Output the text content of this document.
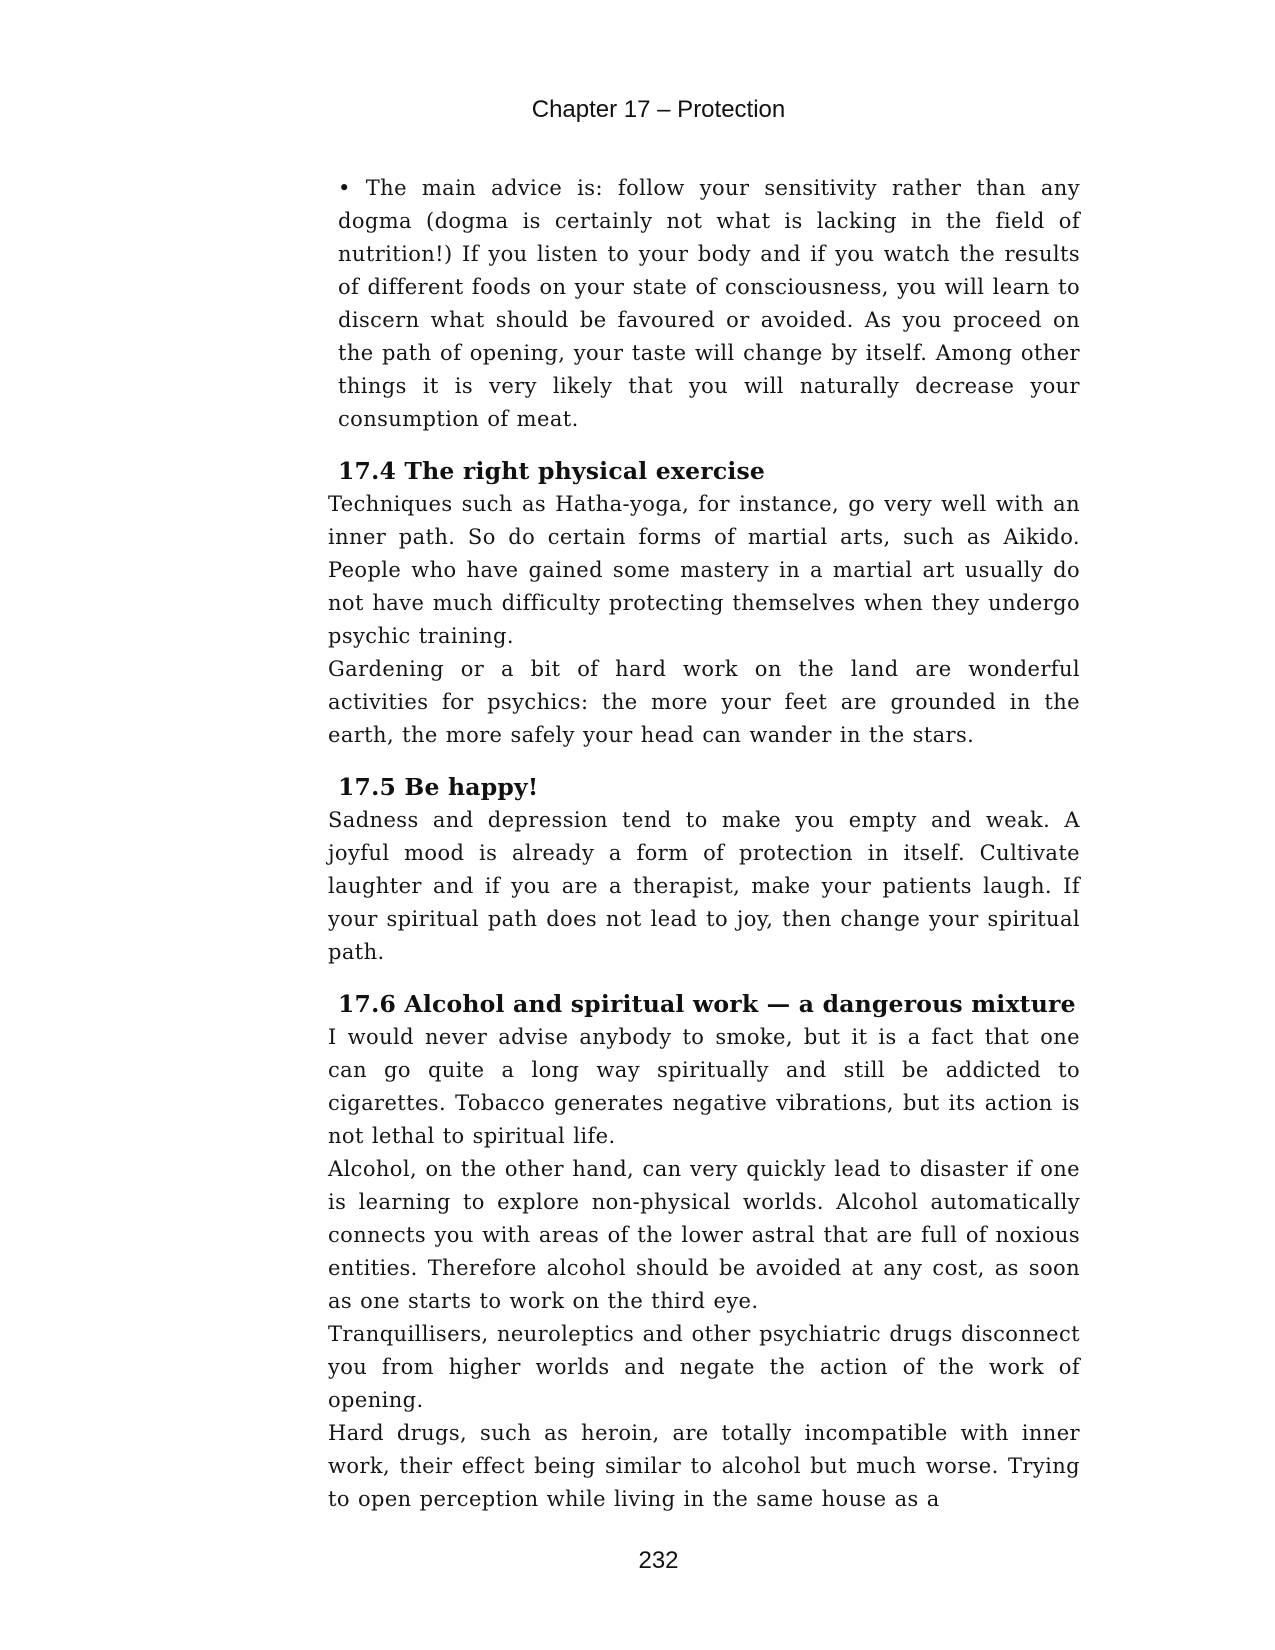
Chapter 17 – Protection

• The main advice is: follow your sensitivity rather than any dogma (dogma is certainly not what is lacking in the field of nutrition!) If you listen to your body and if you watch the results of different foods on your state of consciousness, you will learn to discern what should be favoured or avoided. As you proceed on the path of opening, your taste will change by itself. Among other things it is very likely that you will naturally decrease your consumption of meat.

17.4 The right physical exercise

Techniques such as Hatha-yoga, for instance, go very well with an inner path. So do certain forms of martial arts, such as Aikido. People who have gained some mastery in a martial art usually do not have much difficulty protecting themselves when they undergo psychic training.

Gardening or a bit of hard work on the land are wonderful activities for psychics: the more your feet are grounded in the earth, the more safely your head can wander in the stars.

17.5 Be happy!

Sadness and depression tend to make you empty and weak. A joyful mood is already a form of protection in itself. Cultivate laughter and if you are a therapist, make your patients laugh. If your spiritual path does not lead to joy, then change your spiritual path.

17.6 Alcohol and spiritual work — a dangerous mixture

I would never advise anybody to smoke, but it is a fact that one can go quite a long way spiritually and still be addicted to cigarettes. Tobacco generates negative vibrations, but its action is not lethal to spiritual life.

Alcohol, on the other hand, can very quickly lead to disaster if one is learning to explore non-physical worlds. Alcohol automatically connects you with areas of the lower astral that are full of noxious entities. Therefore alcohol should be avoided at any cost, as soon as one starts to work on the third eye.

Tranquillisers, neuroleptics and other psychiatric drugs disconnect you from higher worlds and negate the action of the work of opening.

Hard drugs, such as heroin, are totally incompatible with inner work, their effect being similar to alcohol but much worse. Trying to open perception while living in the same house as a

232
